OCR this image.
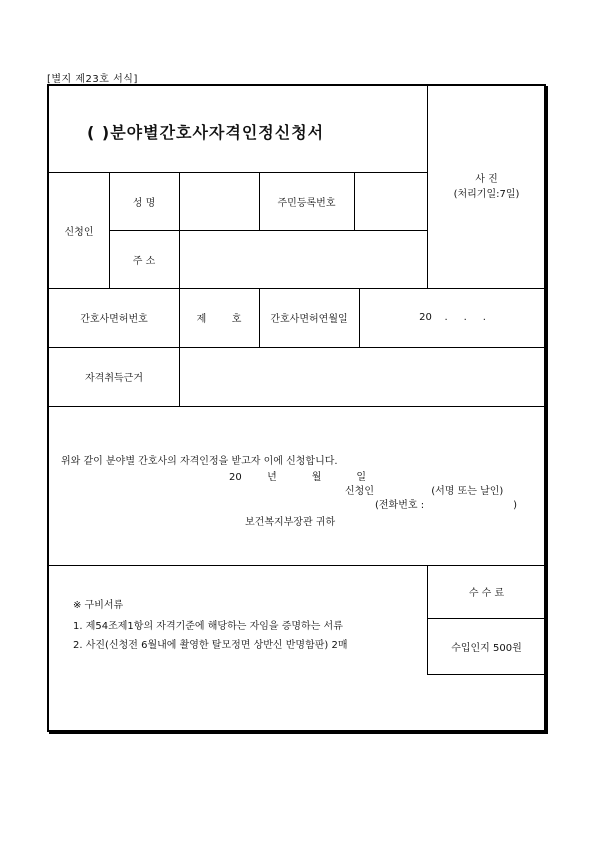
[별지 제23호 서식]
( )분야별간호사자격인정신청서
사 진
(처리기일:7일)
신청인
성 명	주민등록번호
주 소
간호사면허번호	제        호	간호사면허연월일	20    .     .     .
자격취득근거
위와 같이 분야별 간호사의 자격인정을 받고자 이에 신청합니다.
20        년           월           일
신청인                  (서명 또는 날인)
(전화번호 :                            )
보건복지부장관 귀하
※ 구비서류
1. 제54조제1항의 자격기준에 해당하는 자임을 증명하는 서류
2. 사진(신청전 6월내에 촬영한 탈모정면 상반신 반명함판) 2매
수 수 료
수입인지 500원
